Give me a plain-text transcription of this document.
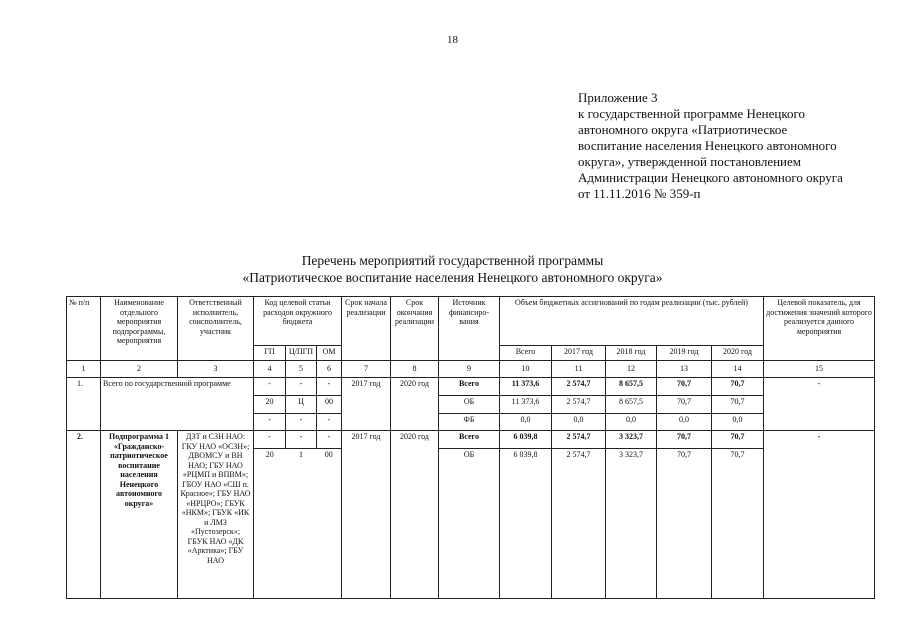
18
Приложение 3
к государственной программе Ненецкого
автономного округа «Патриотическое
воспитание населения Ненецкого автономного
округа», утвержденной постановлением
Администрации Ненецкого автономного округа
от 11.11.2016 № 359-п
Перечень мероприятий государственной программы
«Патриотическое воспитание населения Ненецкого автономного округа»
№ п/п	Наименование отдельного мероприятия подпрограммы, мероприятия	Ответственный исполнитель, соисполнитель, участник	Код целевой статьи расходов окружного бюджета			Срок начала реализации	Срок окончания реализации	Источник финансиро-вания	Объем бюджетных ассигнований по годам реализации (тыс. рублей)					Целевой показатель, для достижения значений которого реализуется данного мероприятия
			ГП	Ц/ПГП	ОМ				Всего	2017 год	2018 год	2019 год	2020 год	
1	2	3	4	5	6	7	8	9	10	11	12	13	14	15
1.	Всего по государственной программе		-	-	-	2017 год	2020 год	Всего	11 373,6	2 574,7	8 657,5	70,7	70,7	-
			20	Ц	00			ОБ	11 373,6	2 574,7	8 657,5	70,7	70,7	
			-	-	-			ФБ	0,0	0,0	0,0	0,0	0,0	
2.	Подпрограмма 1 «Гражданско-патриотическое воспитание населения Ненецкого автономного округа»	ДЗТ и СЗН НАО: ГКУ НАО «ОСЗН»; ДВОМСУ и ВН НАО; ГБУ НАО «РЦМП и ВПВМ»; ГБОУ НАО «СШ п. Красное»; ГБУ НАО «НРЦРО»; ГБУК «НКМ»; ГБУК «ИК и ЛМЗ «Пустозерск»; ГБУК НАО «ДК «Арктика»; ГБУ НАО	-	-	-	2017 год	2020 год	Всего	6 039,8	2 574,7	3 323,7	70,7	70,7	-
			20	1	00			ОБ	6 039,8	2 574,7	3 323,7	70,7	70,7	
